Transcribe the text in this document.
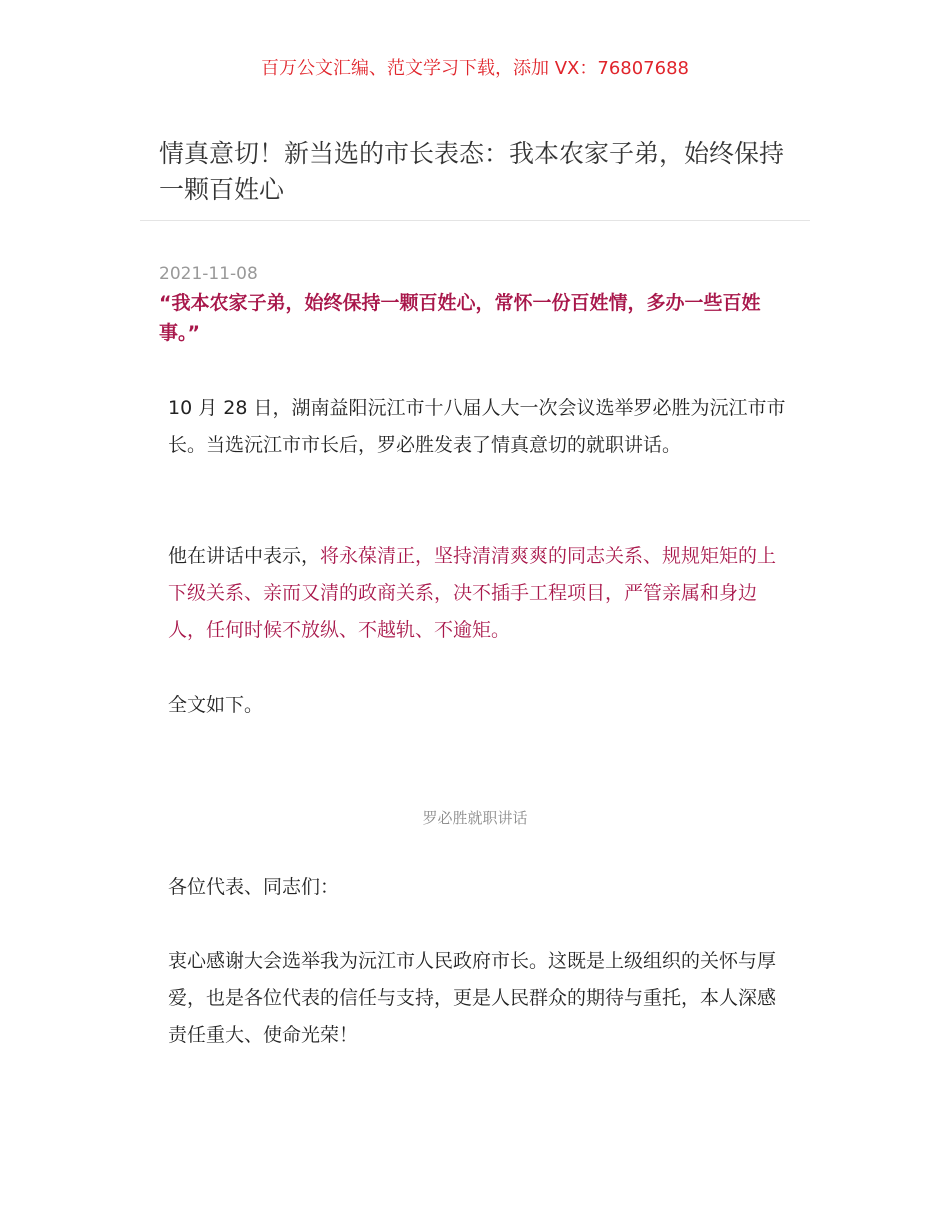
百万公文汇编、范文学习下载，添加 VX：76807688
情真意切！新当选的市长表态：我本农家子弟，始终保持一颗百姓心
2021-11-08
“我本农家子弟，始终保持一颗百姓心，常怀一份百姓情，多办一些百姓事。”
10 月 28 日，湖南益阳沅江市十八届人大一次会议选举罗必胜为沅江市市长。当选沅江市市长后，罗必胜发表了情真意切的就职讲话。
他在讲话中表示，将永葆清正，坚持清清爽爽的同志关系、规规矩矩的上下级关系、亲而又清的政商关系，决不插手工程项目，严管亲属和身边人，任何时候不放纵、不越轨、不逾矩。
全文如下。
罗必胜就职讲话
各位代表、同志们：
衷心感谢大会选举我为沅江市人民政府市长。这既是上级组织的关怀与厚爱，也是各位代表的信任与支持，更是人民群众的期待与重托，本人深感责任重大、使命光荣！
